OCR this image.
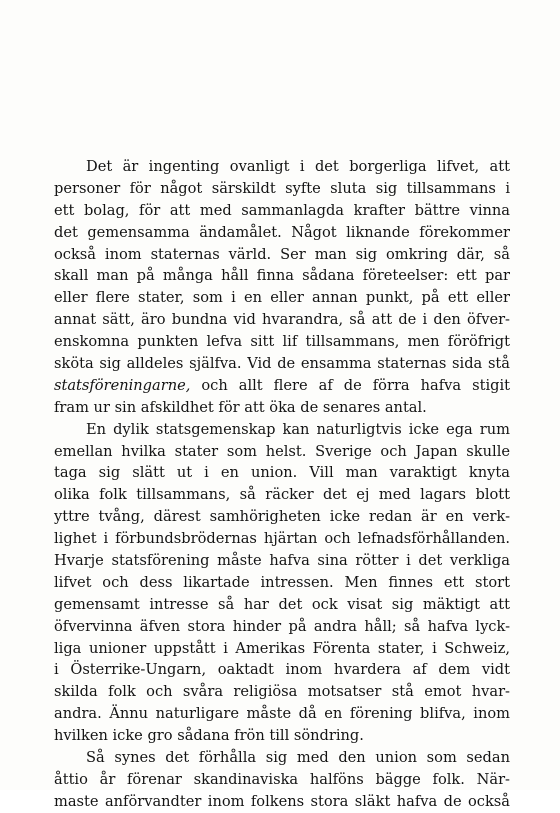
Det är ingenting ovanligt i det borgerliga lifvet, att
personer för något särskildt syfte sluta sig tillsammans i
ett bolag, för att med sammanlagda krafter bättre vinna
det gemensamma ändamålet. Något liknande förekommer
också inom staternas värld. Ser man sig omkring där, så
skall man på många håll finna sådana företeelser: ett par
eller flere stater, som i en eller annan punkt, på ett eller
annat sätt, äro bundna vid hvarandra, så att de i den öfver-
enskomna punkten lefva sitt lif tillsammans, men föröfrigt
sköta sig alldeles själfva. Vid de ensamma staternas sida stå
statsföreningarne, och allt flere af de förra hafva stigit
fram ur sin afskildhet för att öka de senares antal.
En dylik statsgemenskap kan naturligtvis icke ega rum
emellan hvilka stater som helst. Sverige och Japan skulle
taga sig slätt ut i en union. Vill man varaktigt knyta
olika folk tillsammans, så räcker det ej med lagars blott
yttre tvång, därest samhörigheten icke redan är en verk-
lighet i förbundsbrödernas hjärtan och lefnadsförhållanden.
Hvarje statsförening måste hafva sina rötter i det verkliga
lifvet och dess likartade intressen. Men finnes ett stort
gemensamt intresse så har det ock visat sig mäktigt att
öfvervinna äfven stora hinder på andra håll; så hafva lyck-
liga unioner uppstått i Amerikas Förenta stater, i Schweiz,
i Österrike-Ungarn, oaktadt inom hvardera af dem vidt
skilda folk och svåra religiösa motsatser stå emot hvar-
andra. Ännu naturligare måste då en förening blifva, inom
hvilken icke gro sådana frön till söndring.
Så synes det förhålla sig med den union som sedan
åttio år förenar skandinaviska halföns bägge folk. När-
maste anförvandter inom folkens stora släkt hafva de också
